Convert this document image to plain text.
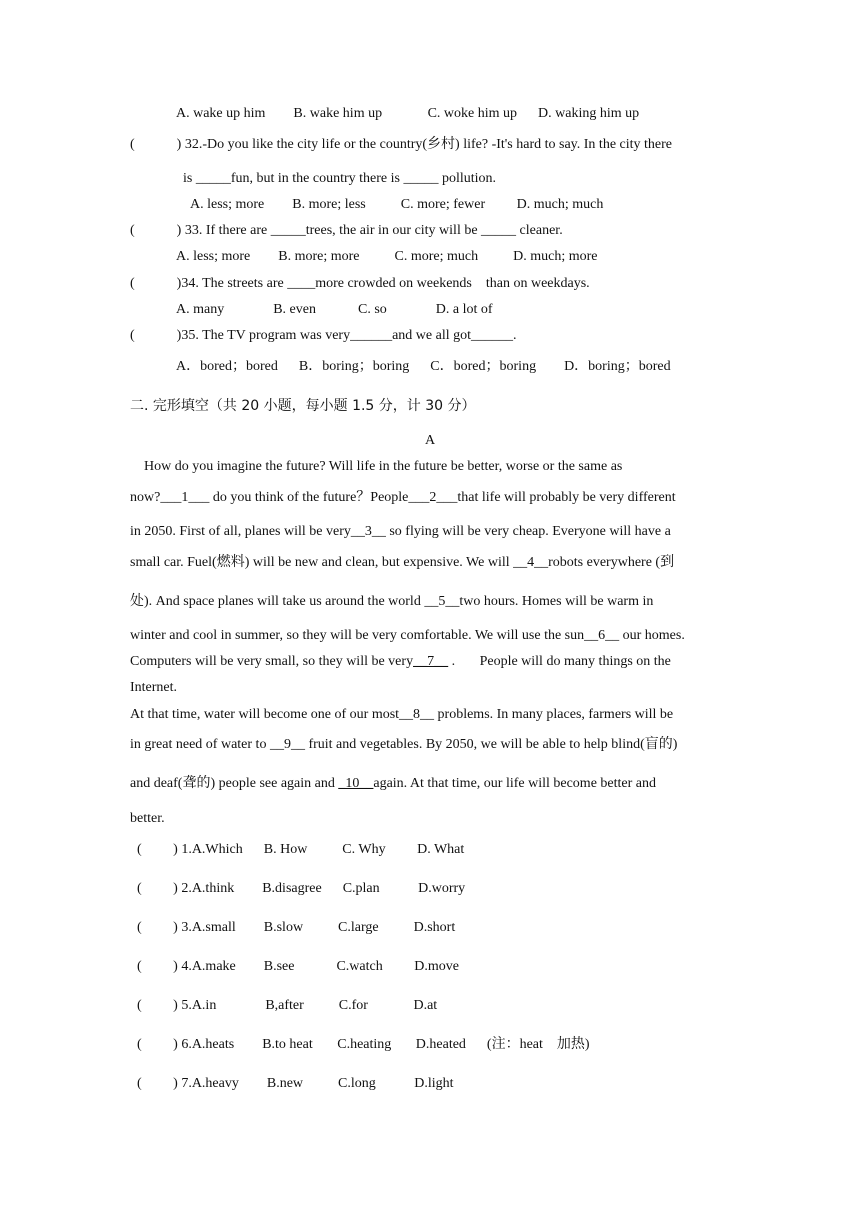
A. wake up him        B. wake him up             C. woke him up      D. waking him up
(            ) 32.-Do you like the city life or the country(乡村) life? -It's hard to say. In the city there
is _____fun, but in the country there is _____ pollution.
A. less; more        B. more; less          C. more; fewer         D. much; much
(            ) 33. If there are _____trees, the air in our city will be _____ cleaner.
A. less; more        B. more; more          C. more; much          D. much; more
(            )34. The streets are ____more crowded on weekends    than on weekdays.
A. many              B. even            C. so              D. a lot of
(            )35. The TV program was very______and we all got______.
A．bored；bored      B．boring；boring      C．bored；boring        D．boring；bored
二. 完形填空（共 20 小题，每小题 1.5 分，计 30 分）
A
How do you imagine the future? Will life in the future be better, worse or the same as
now?___1___ do you think of the future？People___2___that life will probably be very different
in 2050. First of all, planes will be very__3__ so flying will be very cheap. Everyone will have a
small car. Fuel(燃料) will be new and clean, but expensive. We will __4__robots everywhere (到
处). And space planes will take us around the world __5__two hours. Homes will be warm in
winter and cool in summer, so they will be very comfortable. We will use the sun__6__ our homes.
Computers will be very small, so they will be very__7__ .       People will do many things on the
Internet.
At that time, water will become one of our most__8__ problems. In many places, farmers will be
in great need of water to __9__ fruit and vegetables. By 2050, we will be able to help blind(盲的)
and deaf(聋的) people see again and _10__again. At that time, our life will become better and
better.
(         ) 1.A.Which      B. How          C. Why         D. What
(         ) 2.A.think        B.disagree      C.plan           D.worry
(         ) 3.A.small        B.slow          C.large          D.short
(         ) 4.A.make        B.see            C.watch         D.move
(         ) 5.A.in              B,after          C.for             D.at
(         ) 6.A.heats        B.to heat       C.heating       D.heated      (注：heat    加热)
(         ) 7.A.heavy        B.new          C.long           D.light
